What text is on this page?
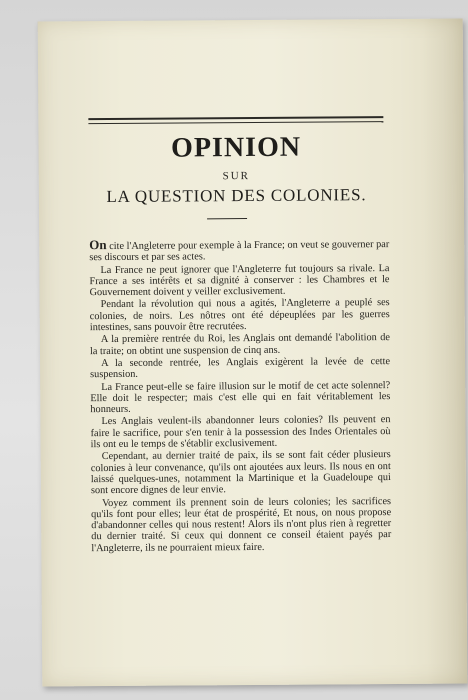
OPINION
SUR
LA QUESTION DES COLONIES.

On cite l'Angleterre pour exemple à la France; on veut se gouverner par ses discours et par ses actes.

La France ne peut ignorer que l'Angleterre fut toujours sa rivale. La France a ses intérêts et sa dignité à conserver : les Chambres et le Gouvernement doivent y veiller exclusivement.

Pendant la révolution qui nous a agités, l'Angleterre a peuplé ses colonies, de noirs. Les nôtres ont été dépeuplées par les guerres intestines, sans pouvoir être recrutées.

A la première rentrée du Roi, les Anglais ont demandé l'abolition de la traite; on obtint une suspension de cinq ans.

A la seconde rentrée, les Anglais exigèrent la levée de cette suspension.

La France peut-elle se faire illusion sur le motif de cet acte solennel? Elle doit le respecter; mais c'est elle qui en fait véritablement les honneurs.

Les Anglais veulent-ils abandonner leurs colonies? Ils peuvent en faire le sacrifice, pour s'en tenir à la possession des Indes Orientales où ils ont eu le temps de s'établir exclusivement.

Cependant, au dernier traité de paix, ils se sont fait céder plusieurs colonies à leur convenance, qu'ils ont ajoutées aux leurs. Ils nous en ont laissé quelques-unes, notamment la Martinique et la Guadeloupe qui sont encore dignes de leur envie.

Voyez comment ils prennent soin de leurs colonies; les sacrifices qu'ils font pour elles; leur état de prospérité, Et nous, on nous propose d'abandonner celles qui nous restent! Alors ils n'ont plus rien à regretter du dernier traité. Si ceux qui donnent ce conseil étaient payés par l'Angleterre, ils ne pourraient mieux faire.
